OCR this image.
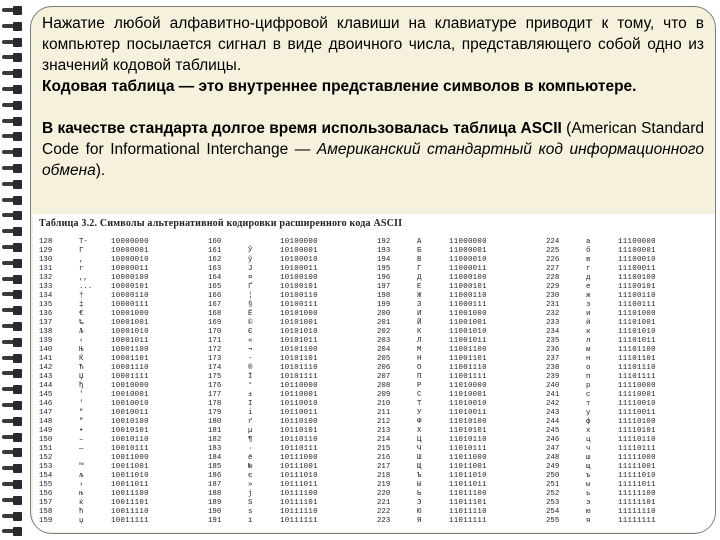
Нажатие любой алфавитно-цифровой клавиши на клавиатуре приводит к тому, что в компьютер посылается сигнал в виде двоичного числа, представляющего собой одно из значений кодовой таблицы.

Кодовая таблица — это внутреннее представление символов в компьютере.

В качестве стандарта долгое время использовалась таблица ASCII (American Standard Code for Informational Interchange — Американский стандартный код информационного обмена).

Таблица 3.2. Символы альтернативной кодировки расширенного кода ASCII
128	Т-	10000000
129	Г	10000001
130	,	10000010
131	г	10000011
132	,,	10000100
133	...	10000101
134	†	10000110
135	‡	10000111
136	€	10001000
137	‰	10001001
138	Љ	10001010
139	‹	10001011
140	Њ	10001100
141	Ќ	10001101
142	Ћ	10001110
143	Џ	10001111
144	ђ	10010000
145	'	10010001
146	'	10010010
147	"	10010011
148	"	10010100
149	•	10010101
150	–	10010110
151	—	10010111
152	10011000
153	™	10011001
154	љ	10011010
155	›	10011011
156	њ	10011100
157	ќ	10011101
158	ћ	10011110
159	џ	10011111
160	10100000
161	Ў	10100001
162	ў	10100010
163	Ј	10100011
164	¤	10100100
165	Ґ	10100101
166	¦	10100110
167	§	10100111
168	Ё	10101000
169	©	10101001
170	Є	10101010
171	«	10101011
172	¬	10101100
173	-	10101101
174	®	10101110
175	Ї	10101111
176	°	10110000
177	±	10110001
178	І	10110010
179	і	10110011
180	ґ	10110100
181	µ	10110101
182	¶	10110110
183	·	10110111
184	ё	10111000
185	№	10111001
186	є	10111010
187	»	10111011
188	ј	10111100
189	Ѕ	10111101
190	ѕ	10111110
191	ї	10111111
192	А	11000000
193	Б	11000001
194	В	11000010
195	Г	11000011
196	Д	11000100
197	Е	11000101
198	Ж	11000110
199	З	11000111
200	И	11001000
201	Й	11001001
202	К	11001010
203	Л	11001011
204	М	11001100
205	Н	11001101
206	О	11001110
207	П	11001111
208	Р	11010000
209	С	11010001
210	Т	11010010
211	У	11010011
212	Ф	11010100
213	Х	11010101
214	Ц	11010110
215	Ч	11010111
216	Ш	11011000
217	Щ	11011001
218	Ъ	11011010
219	Ы	11011011
220	Ь	11011100
221	Э	11011101
222	Ю	11011110
223	Я	11011111
224	а	11100000
225	б	11100001
226	в	11100010
227	г	11100011
228	д	11100100
229	е	11100101
230	ж	11100110
231	з	11100111
232	и	11101000
233	й	11101001
234	к	11101010
235	л	11101011
236	м	11101100
237	н	11101101
238	о	11101110
239	п	11101111
240	р	11110000
241	с	11110001
242	т	11110010
243	у	11110011
244	ф	11110100
245	х	11110101
246	ц	11110110
247	ч	11110111
248	ш	11111000
249	щ	11111001
250	ъ	11111010
251	ы	11111011
252	ь	11111100
253	э	11111101
254	ю	11111110
255	я	11111111
